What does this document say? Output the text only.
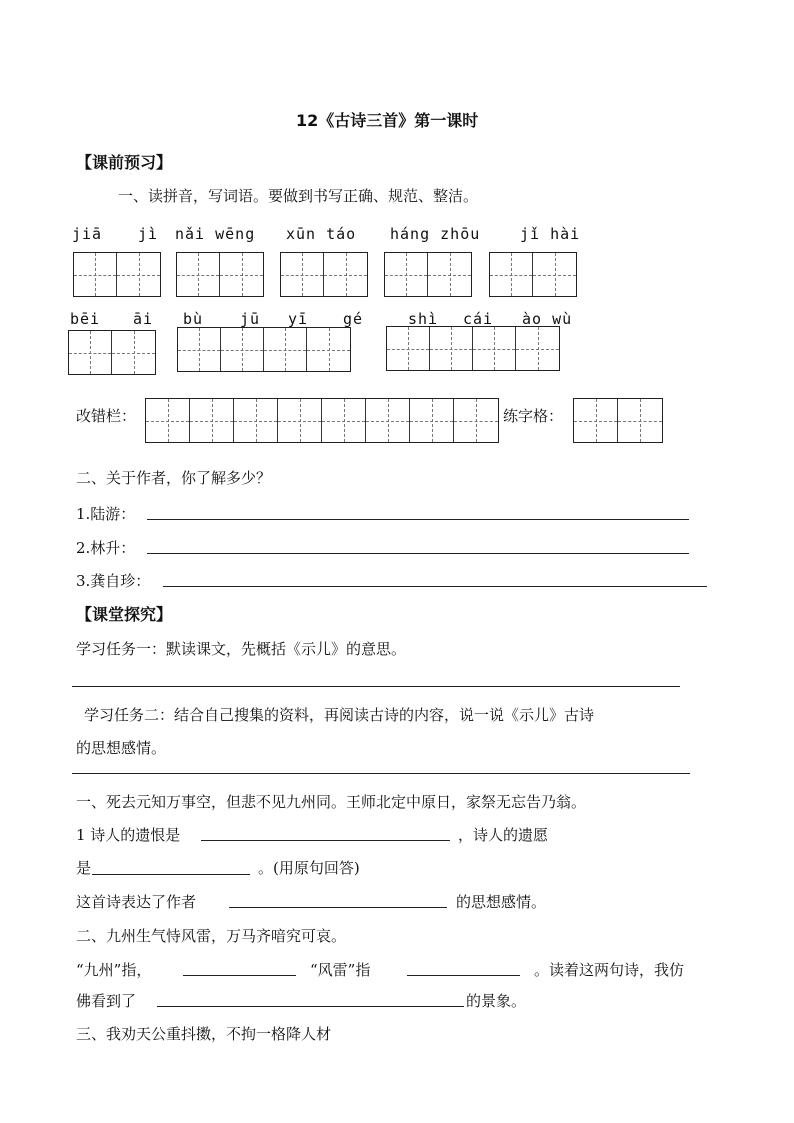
12《古诗三首》第一课时
【课前预习】
一、读拼音，写词语。要做到书写正确、规范、整洁。
jiā jì nǎi wēng xūn táo háng zhōu	jǐ hài
bēi āi bù jū yī gé	shì cái ào wù
改错栏：	练字格：
二、关于作者，你了解多少？
1.陆游：
2.林升：
3.龚自珍：
【课堂探究】
学习任务一：默读课文，先概括《示儿》的意思。
学习任务二：结合自己搜集的资料，再阅读古诗的内容，说一说《示儿》古诗
的思想感情。
一、死去元知万事空，但悲不见九州同。王师北定中原日，家祭无忘告乃翁。
1 诗人的遗恨是	，诗人的遗愿
是	。(用原句回答)
这首诗表达了作者	的思想感情。
二、九州生气恃风雷，万马齐喑究可哀。
“九州”指，	“风雷”指	。读着这两句诗，我仿
佛看到了	的景象。
三、我劝天公重抖擞，不拘一格降人材
